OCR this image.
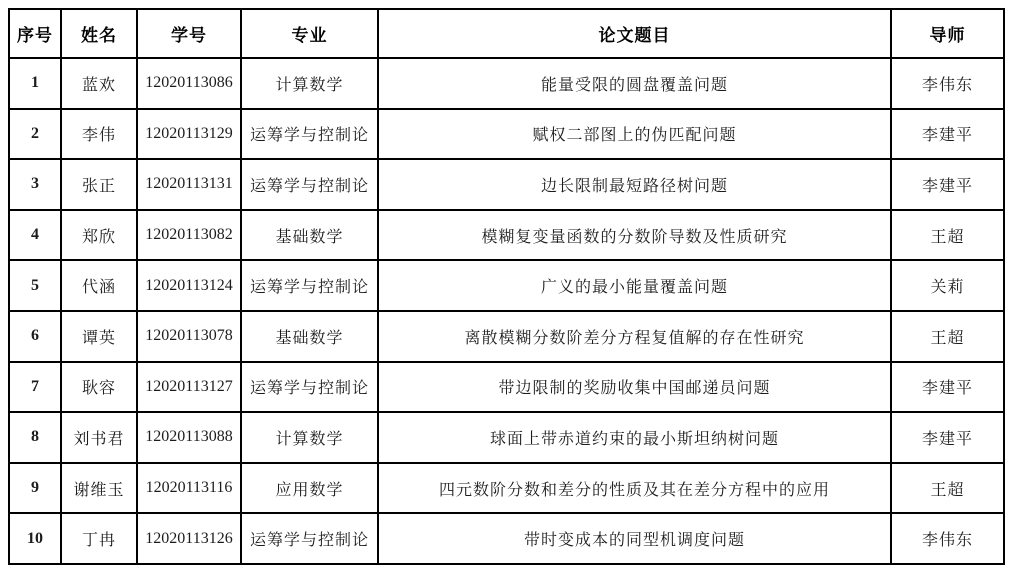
序号	姓名	学号	专业	论文题目	导师
1	蓝欢	12020113086	计算数学	能量受限的圆盘覆盖问题	李伟东
2	李伟	12020113129	运筹学与控制论	赋权二部图上的伪匹配问题	李建平
3	张正	12020113131	运筹学与控制论	边长限制最短路径树问题	李建平
4	郑欣	12020113082	基础数学	模糊复变量函数的分数阶导数及性质研究	王超
5	代涵	12020113124	运筹学与控制论	广义的最小能量覆盖问题	关莉
6	谭英	12020113078	基础数学	离散模糊分数阶差分方程复值解的存在性研究	王超
7	耿容	12020113127	运筹学与控制论	带边限制的奖励收集中国邮递员问题	李建平
8	刘书君	12020113088	计算数学	球面上带赤道约束的最小斯坦纳树问题	李建平
9	谢维玉	12020113116	应用数学	四元数阶分数和差分的性质及其在差分方程中的应用	王超
10	丁冉	12020113126	运筹学与控制论	带时变成本的同型机调度问题	李伟东
